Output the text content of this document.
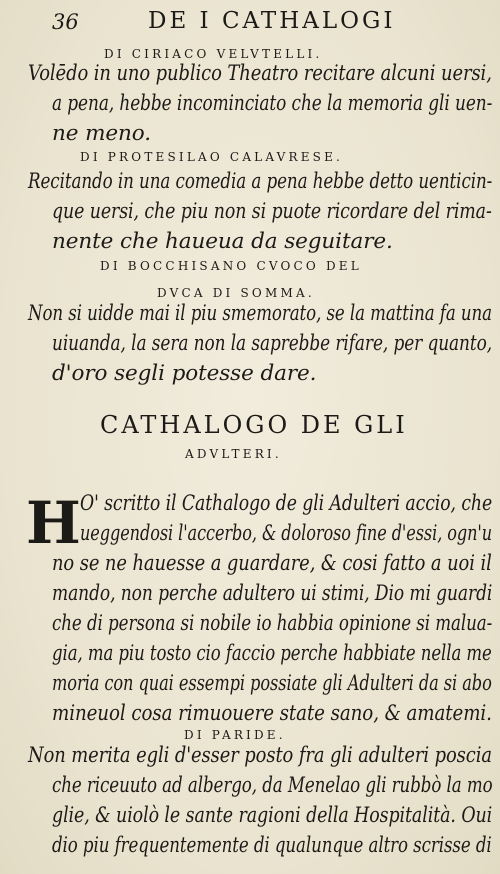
36	DE I CATHALOGI
DI CIRIACO VELVTELLI.
Volēdo in uno publico Theatro recitare alcuni uersi,
a pena, hebbe incominciato che la memoria gli uen-
ne meno.
DI PROTESILAO CALAVRESE.
Recitando in una comedia a pena hebbe detto uenticin-
que uersi, che piu non si puote ricordare del rima-
nente che haueua da seguitare.
DI BOCCHISANO CVOCO DEL
DVCA DI SOMMA.
Non si uidde mai il piu smemorato, se la mattina fa una
uiuanda, la sera non la saprebbe rifare, per quanto,
d'oro segli potesse dare.
CATHALOGO DE GLI
ADVLTERI.
H O' scritto il Cathalogo de gli Adulteri accio, che
ueggendosi l'accerbo, & doloroso fine d'essi, ogn'u
no se ne hauesse a guardare, & cosi fatto a uoi il
mando, non perche adultero ui stimi, Dio mi guardi
che di persona si nobile io habbia opinione si malua-
gia, ma piu tosto cio faccio perche habbiate nella me
moria con quai essempi possiate gli Adulteri da si abo
mineuol cosa rimuouere state sano, & amatemi.
DI PARIDE.
Non merita egli d'esser posto fra gli adulteri poscia
che riceuuto ad albergo, da Menelao gli rubbò la mo
glie, & uiolò le sante ragioni della Hospitalità. Oui
dio piu frequentemente di qualunque altro scrisse di
